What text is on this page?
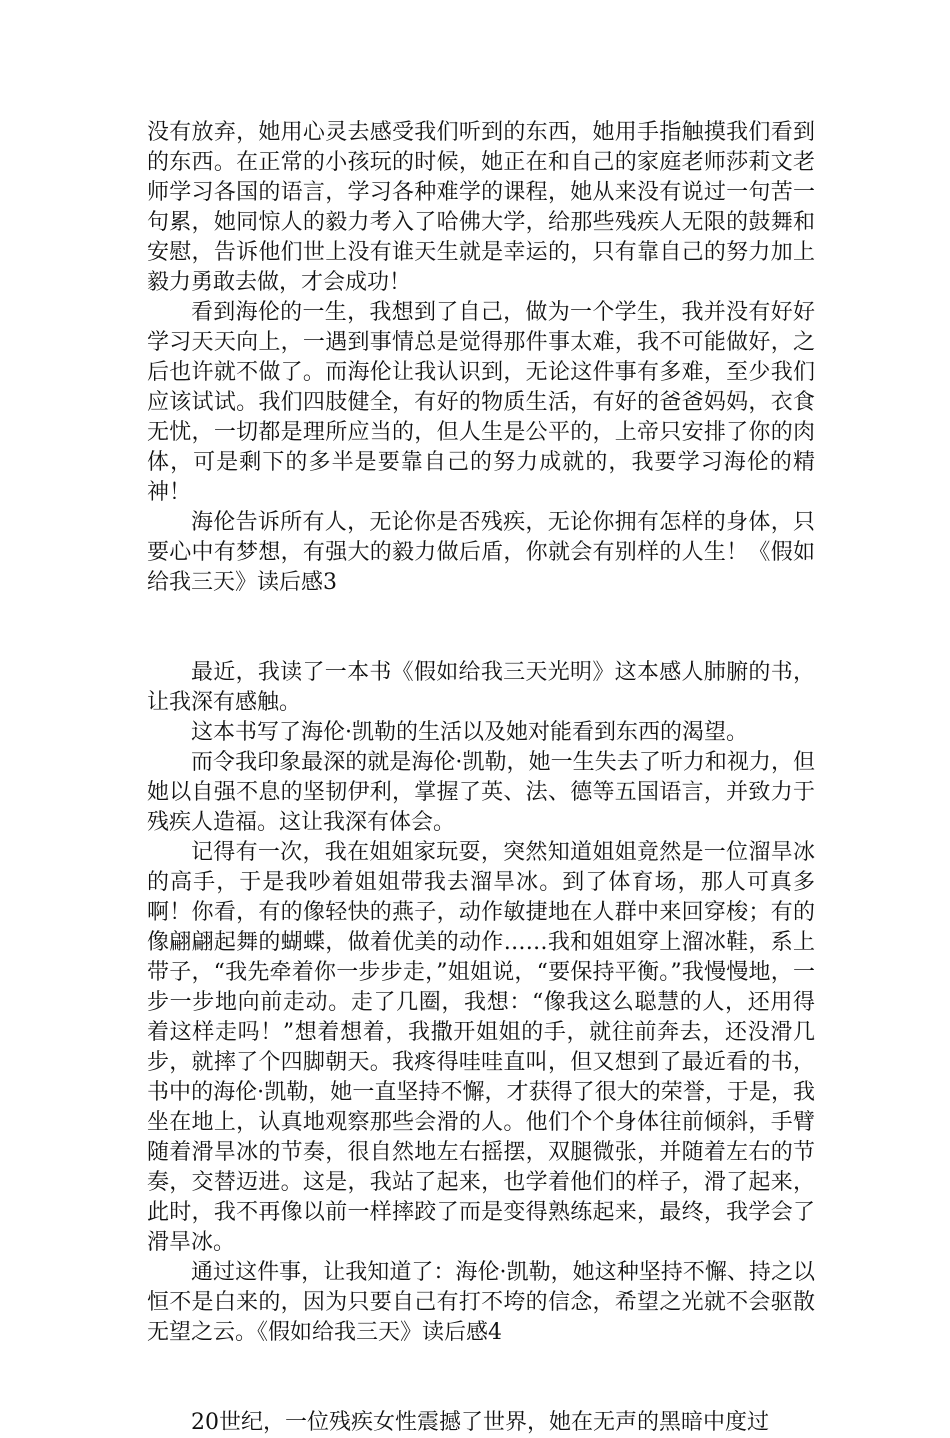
没有放弃，她用心灵去感受我们听到的东西，她用手指触摸我们看到的东西。在正常的小孩玩的时候，她正在和自己的家庭老师莎莉文老师学习各国的语言，学习各种难学的课程，她从来没有说过一句苦一句累，她同惊人的毅力考入了哈佛大学，给那些残疾人无限的鼓舞和安慰，告诉他们世上没有谁天生就是幸运的，只有靠自己的努力加上毅力勇敢去做，才会成功！

看到海伦的一生，我想到了自己，做为一个学生，我并没有好好学习天天向上，一遇到事情总是觉得那件事太难，我不可能做好，之后也许就不做了。而海伦让我认识到，无论这件事有多难，至少我们应该试试。我们四肢健全，有好的物质生活，有好的爸爸妈妈，衣食无忧，一切都是理所应当的，但人生是公平的，上帝只安排了你的肉体，可是剩下的多半是要靠自己的努力成就的，我要学习海伦的精神！

海伦告诉所有人，无论你是否残疾，无论你拥有怎样的身体，只要心中有梦想，有强大的毅力做后盾，你就会有别样的人生！《假如给我三天》读后感3

最近，我读了一本书《假如给我三天光明》这本感人肺腑的书，让我深有感触。

这本书写了海伦·凯勒的生活以及她对能看到东西的渴望。

而令我印象最深的就是海伦·凯勒，她一生失去了听力和视力，但她以自强不息的坚韧伊利，掌握了英、法、德等五国语言，并致力于残疾人造福。这让我深有体会。

记得有一次，我在姐姐家玩耍，突然知道姐姐竟然是一位溜旱冰的高手，于是我吵着姐姐带我去溜旱冰。到了体育场，那人可真多啊！你看，有的像轻快的燕子，动作敏捷地在人群中来回穿梭；有的像翩翩起舞的蝴蝶，做着优美的动作……我和姐姐穿上溜冰鞋，系上带子，“我先牵着你一步步走，”姐姐说，“要保持平衡。”我慢慢地，一步一步地向前走动。走了几圈，我想：“像我这么聪慧的人，还用得着这样走吗！”想着想着，我撒开姐姐的手，就往前奔去，还没滑几步，就摔了个四脚朝天。我疼得哇哇直叫，但又想到了最近看的书，书中的海伦·凯勒，她一直坚持不懈，才获得了很大的荣誉，于是，我坐在地上，认真地观察那些会滑的人。他们个个身体往前倾斜，手臂随着滑旱冰的节奏，很自然地左右摇摆，双腿微张，并随着左右的节奏，交替迈进。这是，我站了起来，也学着他们的样子，滑了起来，此时，我不再像以前一样摔跤了而是变得熟练起来，最终，我学会了滑旱冰。

通过这件事，让我知道了：海伦·凯勒，她这种坚持不懈、持之以恒不是白来的，因为只要自己有打不垮的信念，希望之光就不会驱散无望之云。《假如给我三天》读后感4

20世纪，一位残疾女性震撼了世界，她在无声的黑暗中度过
